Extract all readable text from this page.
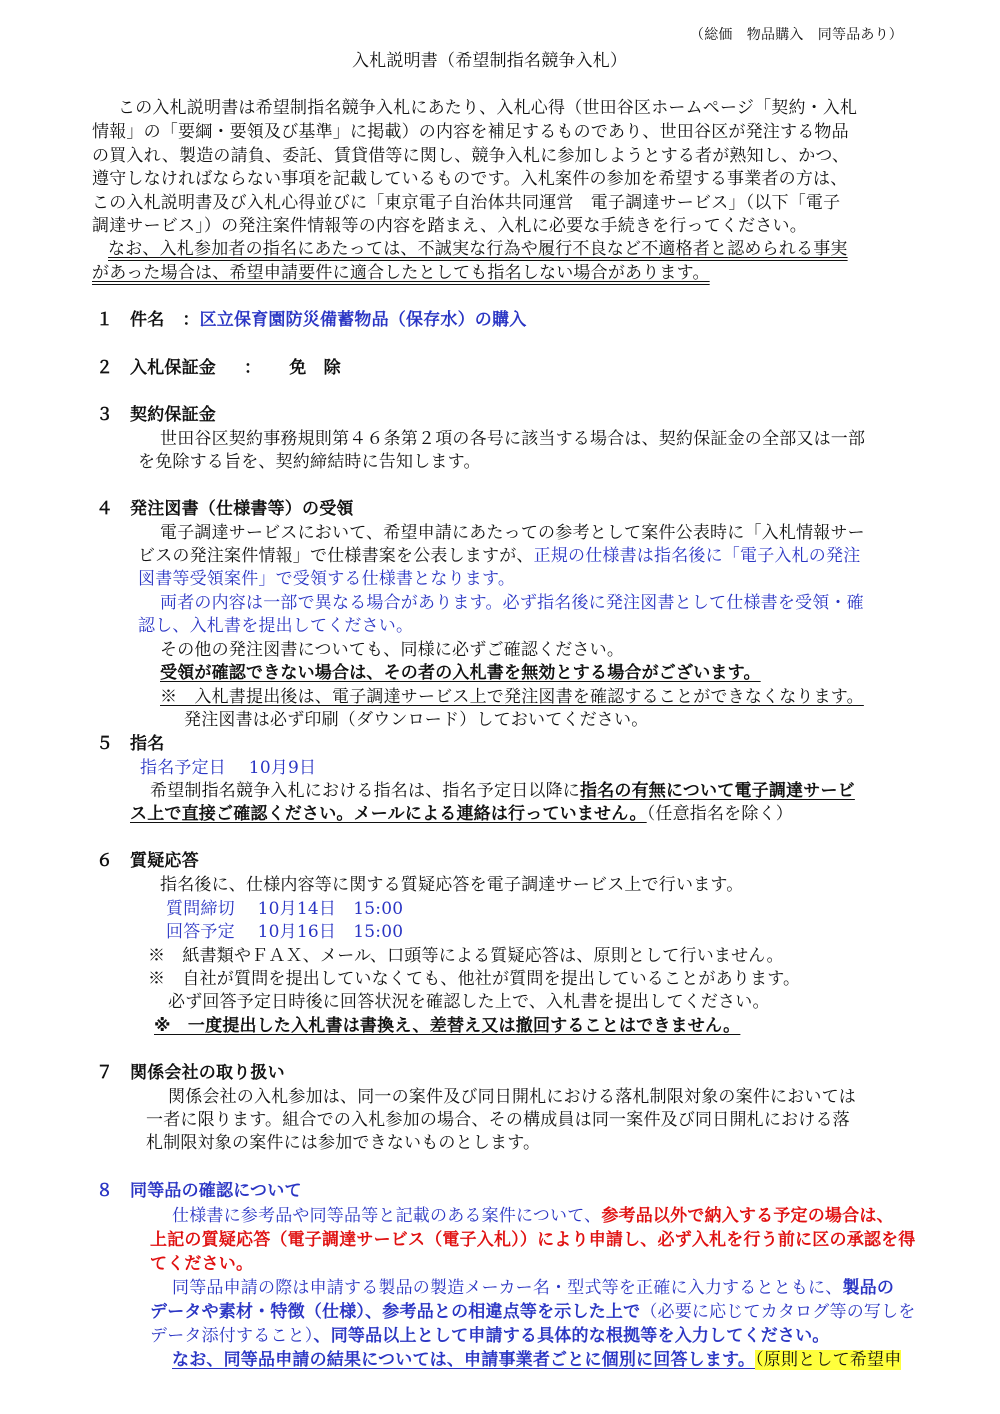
（総価　物品購入　同等品あり）
入札説明書（希望制指名競争入札）
この入札説明書は希望制指名競争入札にあたり、入札心得（世田谷区ホームページ「契約・入札
情報」の「要綱・要領及び基準」に掲載）の内容を補足するものであり、世田谷区が発注する物品
の買入れ、製造の請負、委託、賃貸借等に関し、競争入札に参加しようとする者が熟知し、かつ、
遵守しなければならない事項を記載しているものです。入札案件の参加を希望する事業者の方は、
この入札説明書及び入札心得並びに「東京電子自治体共同運営　電子調達サービス」（以下「電子
調達サービス」）の発注案件情報等の内容を踏まえ、入札に必要な手続きを行ってください。
なお、入札参加者の指名にあたっては、不誠実な行為や履行不良など不適格者と認められる事実
があった場合は、希望申請要件に適合したとしても指名しない場合があります。
１ 件名 ：区立保育園防災備蓄物品（保存水）の購入
２ 入札保証金 ： 免　除
３ 契約保証金
世田谷区契約事務規則第４６条第２項の各号に該当する場合は、契約保証金の全部又は一部
を免除する旨を、契約締結時に告知します。
４ 発注図書（仕様書等）の受領
電子調達サービスにおいて、希望申請にあたっての参考として案件公表時に「入札情報サー
ビスの発注案件情報」で仕様書案を公表しますが、正規の仕様書は指名後に「電子入札の発注
図書等受領案件」で受領する仕様書となります。
両者の内容は一部で異なる場合があります。必ず指名後に発注図書として仕様書を受領・確
認し、入札書を提出してください。
その他の発注図書についても、同様に必ずご確認ください。
受領が確認できない場合は、その者の入札書を無効とする場合がございます。
※　入札書提出後は、電子調達サービス上で発注図書を確認することができなくなります。
発注図書は必ず印刷（ダウンロード）しておいてください。
５ 指名
指名予定日　 10月9日
希望制指名競争入札における指名は、指名予定日以降に指名の有無について電子調達サービ
ス上で直接ご確認ください。メールによる連絡は行っていません。（任意指名を除く）
６ 質疑応答
指名後に、仕様内容等に関する質疑応答を電子調達サービス上で行います。
質問締切　 10月14日　15:00
回答予定　 10月16日　15:00
※　紙書類やＦＡＸ、メール、口頭等による質疑応答は、原則として行いません。
※　自社が質問を提出していなくても、他社が質問を提出していることがあります。
必ず回答予定日時後に回答状況を確認した上で、入札書を提出してください。
※　一度提出した入札書は書換え、差替え又は撤回することはできません。
７ 関係会社の取り扱い
関係会社の入札参加は、同一の案件及び同日開札における落札制限対象の案件においては
一者に限ります。組合での入札参加の場合、その構成員は同一案件及び同日開札における落
札制限対象の案件には参加できないものとします。
８ 同等品の確認について
仕様書に参考品や同等品等と記載のある案件について、参考品以外で納入する予定の場合は、
上記の質疑応答（電子調達サービス（電子入札））により申請し、必ず入札を行う前に区の承認を得
てください。
同等品申請の際は申請する製品の製造メーカー名・型式等を正確に入力するとともに、製品の
データや素材・特徴（仕様）、参考品との相違点等を示した上で（必要に応じてカタログ等の写しを
データ添付すること）、同等品以上として申請する具体的な根拠等を入力してください。
なお、同等品申請の結果については、申請事業者ごとに個別に回答します。（原則として希望申
